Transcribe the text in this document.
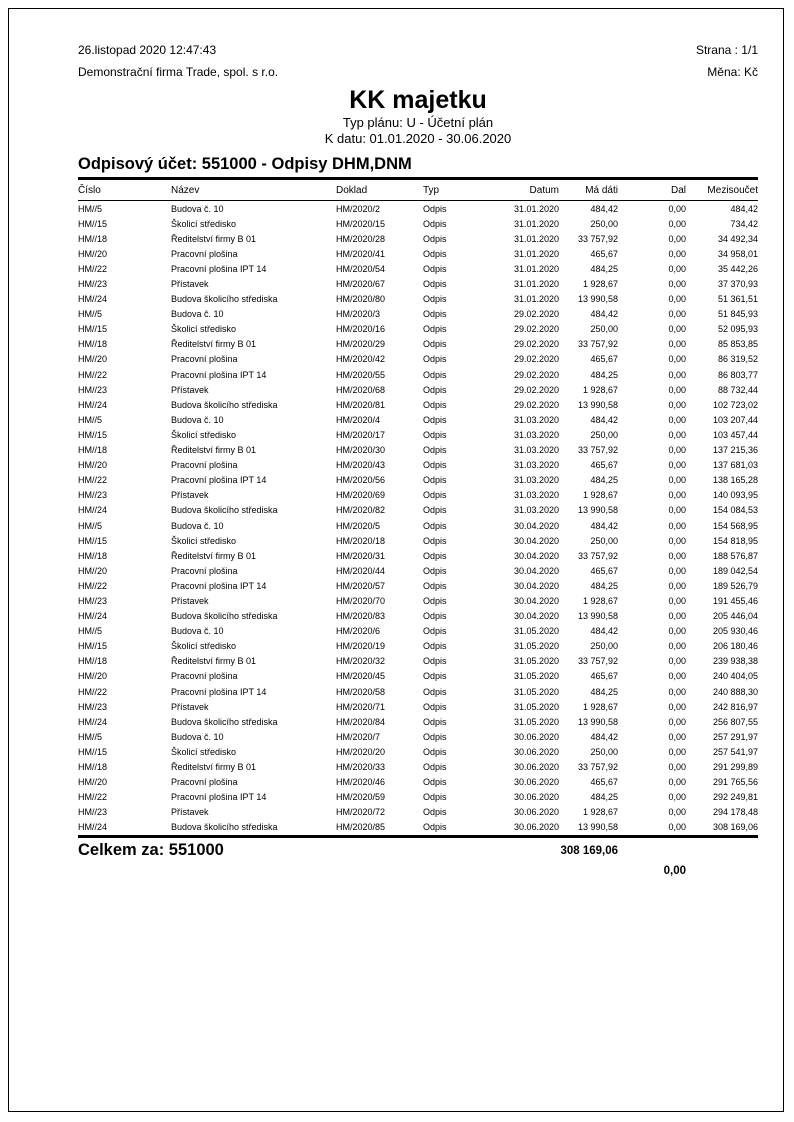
26.listopad 2020 12:47:43
Demonstrační firma Trade, spol. s r.o.
Strana : 1/1
Měna: Kč
KK majetku
Typ plánu: U - Účetní plán
K datu: 01.01.2020 - 30.06.2020
Odpisový účet: 551000 - Odpisy DHM,DNM
Číslo	Název	Doklad	Typ	Datum	Má dáti	Dal	Mezisoučet
HM//5	Budova č. 10	HM/2020/2	Odpis	31.01.2020	484,42	0,00	484,42
HM//15	Školicí středisko	HM/2020/15	Odpis	31.01.2020	250,00	0,00	734,42
HM//18	Ředitelství firmy B 01	HM/2020/28	Odpis	31.01.2020	33 757,92	0,00	34 492,34
HM//20	Pracovní plošina	HM/2020/41	Odpis	31.01.2020	465,67	0,00	34 958,01
HM//22	Pracovní plošina IPT 14	HM/2020/54	Odpis	31.01.2020	484,25	0,00	35 442,26
HM//23	Přístavek	HM/2020/67	Odpis	31.01.2020	1 928,67	0,00	37 370,93
HM//24	Budova školicího střediska	HM/2020/80	Odpis	31.01.2020	13 990,58	0,00	51 361,51
HM//5	Budova č. 10	HM/2020/3	Odpis	29.02.2020	484,42	0,00	51 845,93
HM//15	Školicí středisko	HM/2020/16	Odpis	29.02.2020	250,00	0,00	52 095,93
HM//18	Ředitelství firmy B 01	HM/2020/29	Odpis	29.02.2020	33 757,92	0,00	85 853,85
HM//20	Pracovní plošina	HM/2020/42	Odpis	29.02.2020	465,67	0,00	86 319,52
HM//22	Pracovní plošina IPT 14	HM/2020/55	Odpis	29.02.2020	484,25	0,00	86 803,77
HM//23	Přístavek	HM/2020/68	Odpis	29.02.2020	1 928,67	0,00	88 732,44
HM//24	Budova školicího střediska	HM/2020/81	Odpis	29.02.2020	13 990,58	0,00	102 723,02
HM//5	Budova č. 10	HM/2020/4	Odpis	31.03.2020	484,42	0,00	103 207,44
HM//15	Školicí středisko	HM/2020/17	Odpis	31.03.2020	250,00	0,00	103 457,44
HM//18	Ředitelství firmy B 01	HM/2020/30	Odpis	31.03.2020	33 757,92	0,00	137 215,36
HM//20	Pracovní plošina	HM/2020/43	Odpis	31.03.2020	465,67	0,00	137 681,03
HM//22	Pracovní plošina IPT 14	HM/2020/56	Odpis	31.03.2020	484,25	0,00	138 165,28
HM//23	Přístavek	HM/2020/69	Odpis	31.03.2020	1 928,67	0,00	140 093,95
HM//24	Budova školicího střediska	HM/2020/82	Odpis	31.03.2020	13 990,58	0,00	154 084,53
HM//5	Budova č. 10	HM/2020/5	Odpis	30.04.2020	484,42	0,00	154 568,95
HM//15	Školicí středisko	HM/2020/18	Odpis	30.04.2020	250,00	0,00	154 818,95
HM//18	Ředitelství firmy B 01	HM/2020/31	Odpis	30.04.2020	33 757,92	0,00	188 576,87
HM//20	Pracovní plošina	HM/2020/44	Odpis	30.04.2020	465,67	0,00	189 042,54
HM//22	Pracovní plošina IPT 14	HM/2020/57	Odpis	30.04.2020	484,25	0,00	189 526,79
HM//23	Přístavek	HM/2020/70	Odpis	30.04.2020	1 928,67	0,00	191 455,46
HM//24	Budova školicího střediska	HM/2020/83	Odpis	30.04.2020	13 990,58	0,00	205 446,04
HM//5	Budova č. 10	HM/2020/6	Odpis	31.05.2020	484,42	0,00	205 930,46
HM//15	Školicí středisko	HM/2020/19	Odpis	31.05.2020	250,00	0,00	206 180,46
HM//18	Ředitelství firmy B 01	HM/2020/32	Odpis	31.05.2020	33 757,92	0,00	239 938,38
HM//20	Pracovní plošina	HM/2020/45	Odpis	31.05.2020	465,67	0,00	240 404,05
HM//22	Pracovní plošina IPT 14	HM/2020/58	Odpis	31.05.2020	484,25	0,00	240 888,30
HM//23	Přístavek	HM/2020/71	Odpis	31.05.2020	1 928,67	0,00	242 816,97
HM//24	Budova školicího střediska	HM/2020/84	Odpis	31.05.2020	13 990,58	0,00	256 807,55
HM//5	Budova č. 10	HM/2020/7	Odpis	30.06.2020	484,42	0,00	257 291,97
HM//15	Školicí středisko	HM/2020/20	Odpis	30.06.2020	250,00	0,00	257 541,97
HM//18	Ředitelství firmy B 01	HM/2020/33	Odpis	30.06.2020	33 757,92	0,00	291 299,89
HM//20	Pracovní plošina	HM/2020/46	Odpis	30.06.2020	465,67	0,00	291 765,56
HM//22	Pracovní plošina IPT 14	HM/2020/59	Odpis	30.06.2020	484,25	0,00	292 249,81
HM//23	Přístavek	HM/2020/72	Odpis	30.06.2020	1 928,67	0,00	294 178,48
HM//24	Budova školicího střediska	HM/2020/85	Odpis	30.06.2020	13 990,58	0,00	308 169,06
Celkem za: 551000	308 169,06
0,00
